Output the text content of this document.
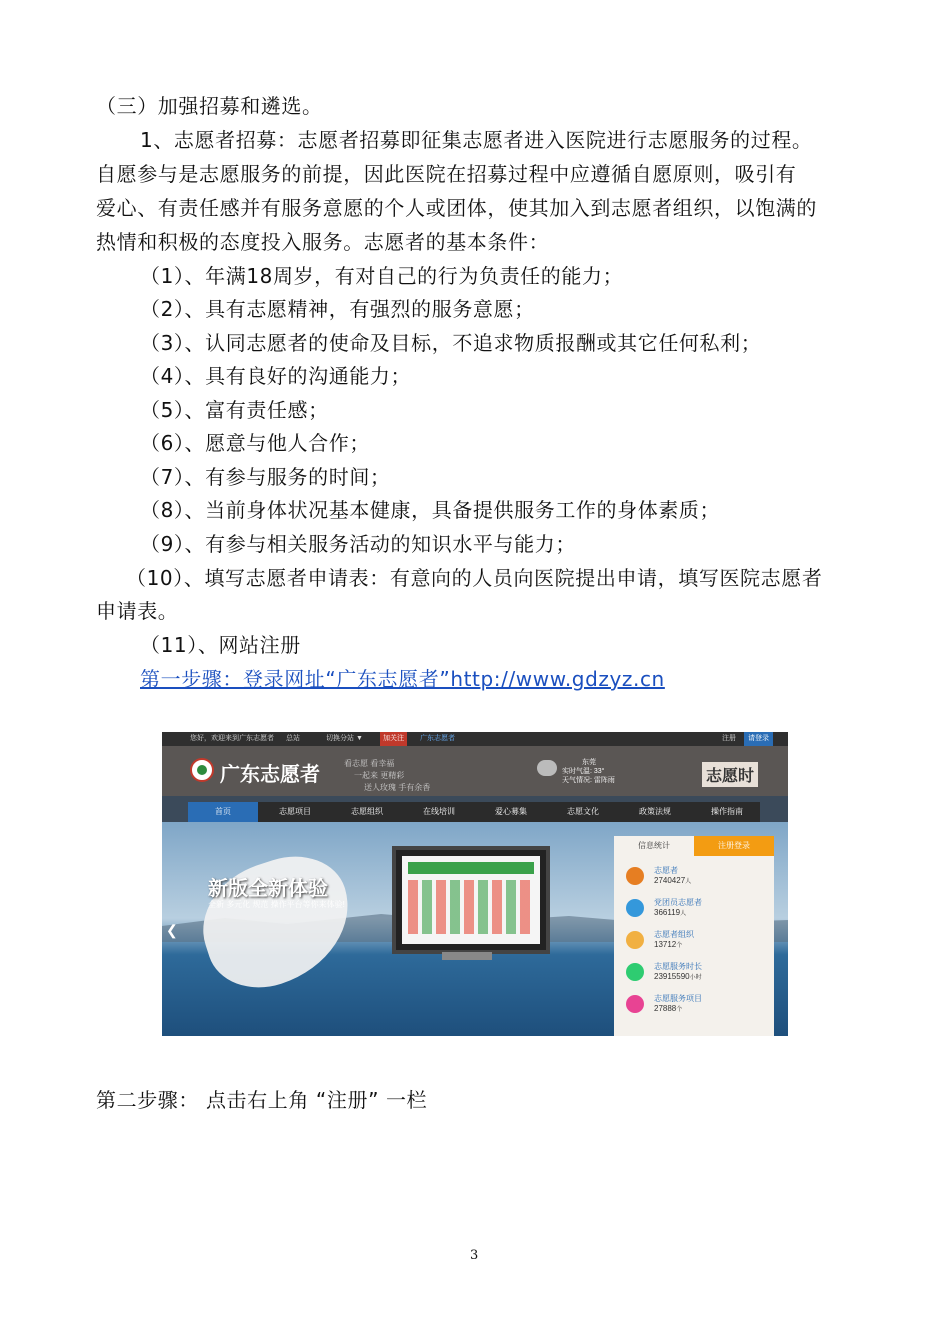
（三）加强招募和遴选。
1、志愿者招募：志愿者招募即征集志愿者进入医院进行志愿服务的过程。
自愿参与是志愿服务的前提，因此医院在招募过程中应遵循自愿原则，吸引有
爱心、有责任感并有服务意愿的个人或团体，使其加入到志愿者组织，以饱满的
热情和积极的态度投入服务。志愿者的基本条件：
（1）、年满18周岁，有对自己的行为负责任的能力；
（2）、具有志愿精神，有强烈的服务意愿；
（3）、认同志愿者的使命及目标，不追求物质报酬或其它任何私利；
（4）、具有良好的沟通能力；
（5）、富有责任感；
（6）、愿意与他人合作；
（7）、有参与服务的时间；
（8）、当前身体状况基本健康，具备提供服务工作的身体素质；
（9）、有参与相关服务活动的知识水平与能力；
（10）、填写志愿者申请表：有意向的人员向医院提出申请，填写医院志愿者
申请表。
（11）、网站注册
第一步骤：登录网址“广东志愿者”http://www.gdzyz.cn
您好，欢迎来到广东志愿者 总站	切换分站 ▼	加关注	广东志愿者	注册	请登录
广东志愿者
看志愿 看幸福
一起来 更精彩
送人玫瑰 手有余香
东莞
实时气温: 33°
天气情况: 雷阵雨	志愿时
首页	志愿项目	志愿组织	在线培训	爱心募集	志愿文化	政策法规	操作指南
新版全新体验
全新 多元化 规范 操作平台等你来体验!
❮
信息统计	注册登录
志愿者
2740427人
党团员志愿者
366119人
志愿者组织
13712个
志愿服务时长
23915590小时
志愿服务项目
27888个
第二步骤： 点击右上角 “注册” 一栏
3
